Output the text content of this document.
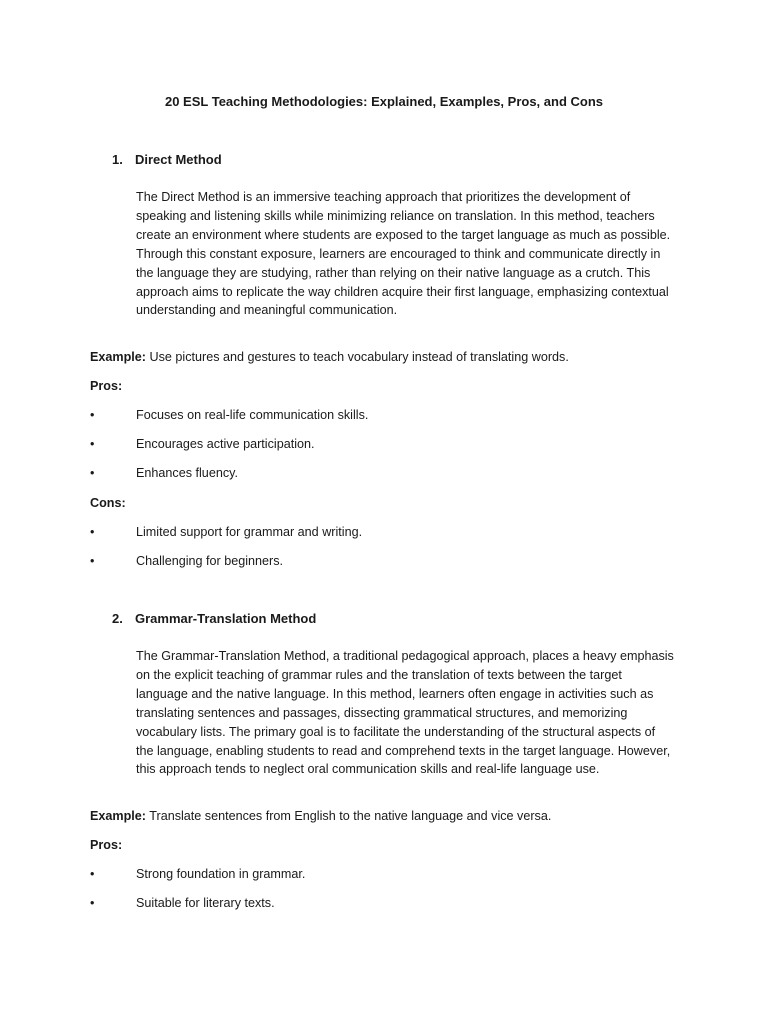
20 ESL Teaching Methodologies: Explained, Examples, Pros, and Cons
1. Direct Method
The Direct Method is an immersive teaching approach that prioritizes the development of
speaking and listening skills while minimizing reliance on translation. In this method, teachers
create an environment where students are exposed to the target language as much as possible.
Through this constant exposure, learners are encouraged to think and communicate directly in
the language they are studying, rather than relying on their native language as a crutch. This
approach aims to replicate the way children acquire their first language, emphasizing contextual
understanding and meaningful communication.
Example: Use pictures and gestures to teach vocabulary instead of translating words.
Pros:
•	Focuses on real-life communication skills.
•	Encourages active participation.
•	Enhances fluency.
Cons:
•	Limited support for grammar and writing.
•	Challenging for beginners.
2. Grammar-Translation Method
The Grammar-Translation Method, a traditional pedagogical approach, places a heavy emphasis
on the explicit teaching of grammar rules and the translation of texts between the target
language and the native language. In this method, learners often engage in activities such as
translating sentences and passages, dissecting grammatical structures, and memorizing
vocabulary lists. The primary goal is to facilitate the understanding of the structural aspects of
the language, enabling students to read and comprehend texts in the target language. However,
this approach tends to neglect oral communication skills and real-life language use.
Example: Translate sentences from English to the native language and vice versa.
Pros:
•	Strong foundation in grammar.
•	Suitable for literary texts.
